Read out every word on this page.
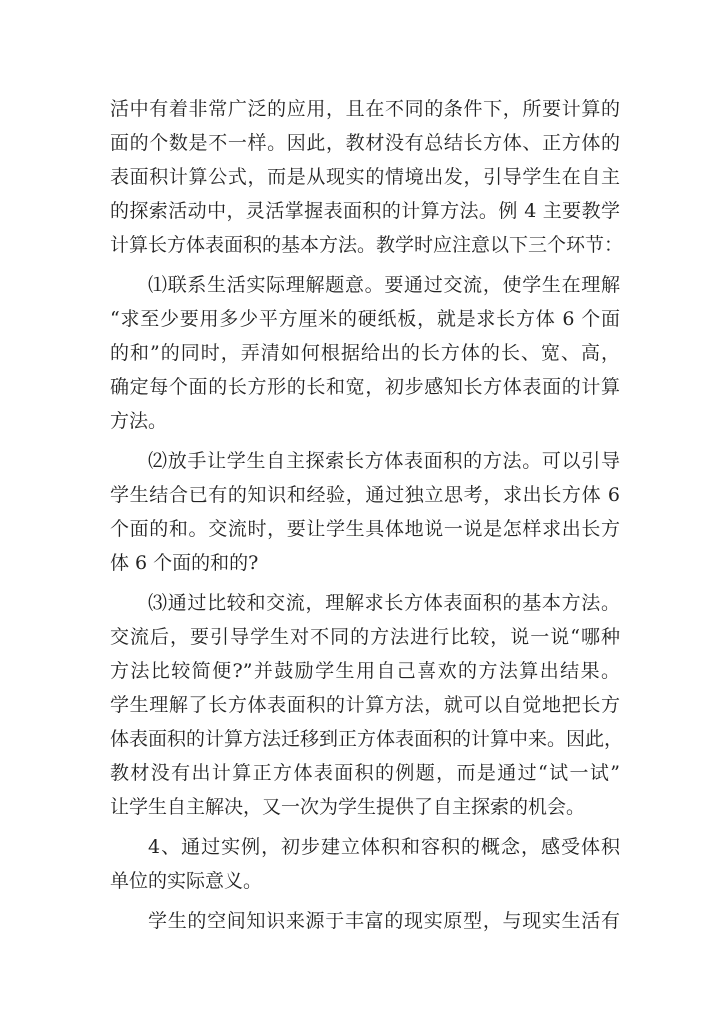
活中有着非常广泛的应用，且在不同的条件下，所要计算的
面的个数是不一样。因此，教材没有总结长方体、正方体的
表面积计算公式，而是从现实的情境出发，引导学生在自主
的探索活动中，灵活掌握表面积的计算方法。例 4 主要教学
计算长方体表面积的基本方法。教学时应注意以下三个环节：
⑴联系生活实际理解题意。要通过交流，使学生在理解
“求至少要用多少平方厘米的硬纸板，就是求长方体 6 个面
的和”的同时，弄清如何根据给出的长方体的长、宽、高，
确定每个面的长方形的长和宽，初步感知长方体表面的计算
方法。
⑵放手让学生自主探索长方体表面积的方法。可以引导
学生结合已有的知识和经验，通过独立思考，求出长方体 6
个面的和。交流时，要让学生具体地说一说是怎样求出长方
体 6 个面的和的?
⑶通过比较和交流，理解求长方体表面积的基本方法。
交流后，要引导学生对不同的方法进行比较，说一说“哪种
方法比较简便?”并鼓励学生用自己喜欢的方法算出结果。
学生理解了长方体表面积的计算方法，就可以自觉地把长方
体表面积的计算方法迁移到正方体表面积的计算中来。因此，
教材没有出计算正方体表面积的例题，而是通过“试一试”
让学生自主解决，又一次为学生提供了自主探索的机会。
4、通过实例，初步建立体积和容积的概念，感受体积
单位的实际意义。
学生的空间知识来源于丰富的现实原型，与现实生活有
